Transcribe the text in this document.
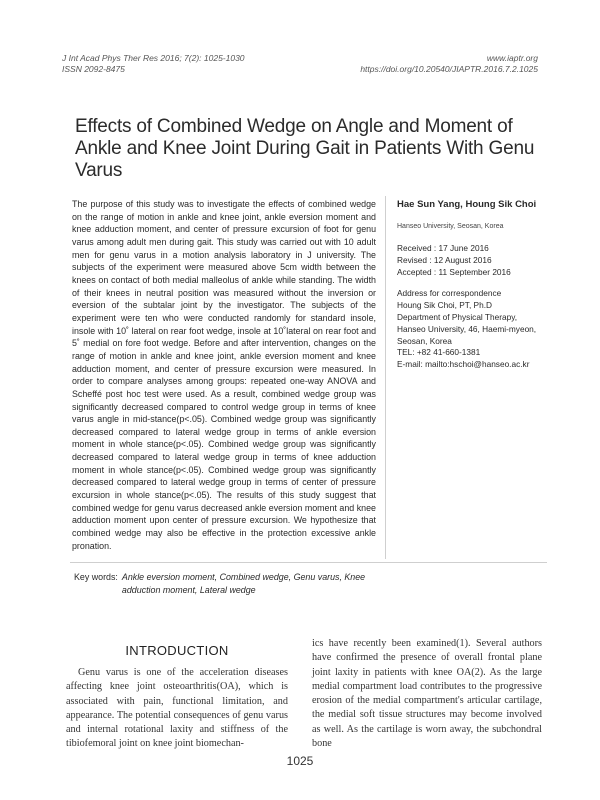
J Int Acad Phys Ther Res 2016; 7(2): 1025-1030
ISSN 2092-8475
www.iaptr.org
https://doi.org/10.20540/JIAPTR.2016.7.2.1025
Effects of Combined Wedge on Angle and Moment of Ankle and Knee Joint During Gait in Patients With Genu Varus
The purpose of this study was to investigate the effects of combined wedge on the range of motion in ankle and knee joint, ankle eversion moment and knee adduction moment, and center of pressure excursion of foot for genu varus among adult men during gait. This study was carried out with 10 adult men for genu varus in a motion analysis laboratory in J university. The subjects of the experiment were measured above 5cm width between the knees on contact of both medial malleolus of ankle while standing. The width of their knees in neutral position was measured without the inversion or eversion of the subtalar joint by the investigator. The subjects of the experiment were ten who were conducted randomly for standard insole, insole with 10˚ lateral on rear foot wedge, insole at 10˚lateral on rear foot and 5˚ medial on fore foot wedge. Before and after intervention, changes on the range of motion in ankle and knee joint, ankle eversion moment and knee adduction moment, and center of pressure excursion were measured. In order to compare analyses among groups: repeated one-way ANOVA and Scheffé post hoc test were used. As a result, combined wedge group was significantly decreased compared to control wedge group in terms of knee varus angle in mid-stance(p<.05). Combined wedge group was significantly decreased compared to lateral wedge group in terms of ankle eversion moment in whole stance(p<.05). Combined wedge group was significantly decreased compared to lateral wedge group in terms of knee adduction moment in whole stance(p<.05). Combined wedge group was significantly decreased compared to lateral wedge group in terms of center of pressure excursion in whole stance(p<.05). The results of this study suggest that combined wedge for genu varus decreased ankle eversion moment and knee adduction moment upon center of pressure excursion. We hypothesize that combined wedge may also be effective in the protection excessive ankle pronation.
Hae Sun Yang, Houng Sik Choi
Hanseo University, Seosan, Korea
Received : 17 June 2016
Revised : 12 August 2016
Accepted : 11 September 2016
Address for correspondence
Houng Sik Choi, PT, Ph.D
Department of Physical Therapy,
Hanseo University, 46, Haemi-myeon,
Seosan, Korea
TEL: +82 41-660-1381
E-mail: mailto:hschoi@hanseo.ac.kr
Key words: Ankle eversion moment, Combined wedge, Genu varus, Knee adduction moment, Lateral wedge
INTRODUCTION

Genu varus is one of the acceleration diseases affecting knee joint osteoarthritis(OA), which is associated with pain, functional limitation, and appearance. The potential consequences of genu varus and internal rotational laxity and stiffness of the tibiofemoral joint on knee joint biomechan-

ics have recently been examined(1). Several authors have confirmed the presence of overall frontal plane joint laxity in patients with knee OA(2). As the large medial compartment load contributes to the progressive erosion of the medial compartment's articular cartilage, the medial soft tissue structures may become involved as well. As the cartilage is worn away, the subchondral bone

1025
